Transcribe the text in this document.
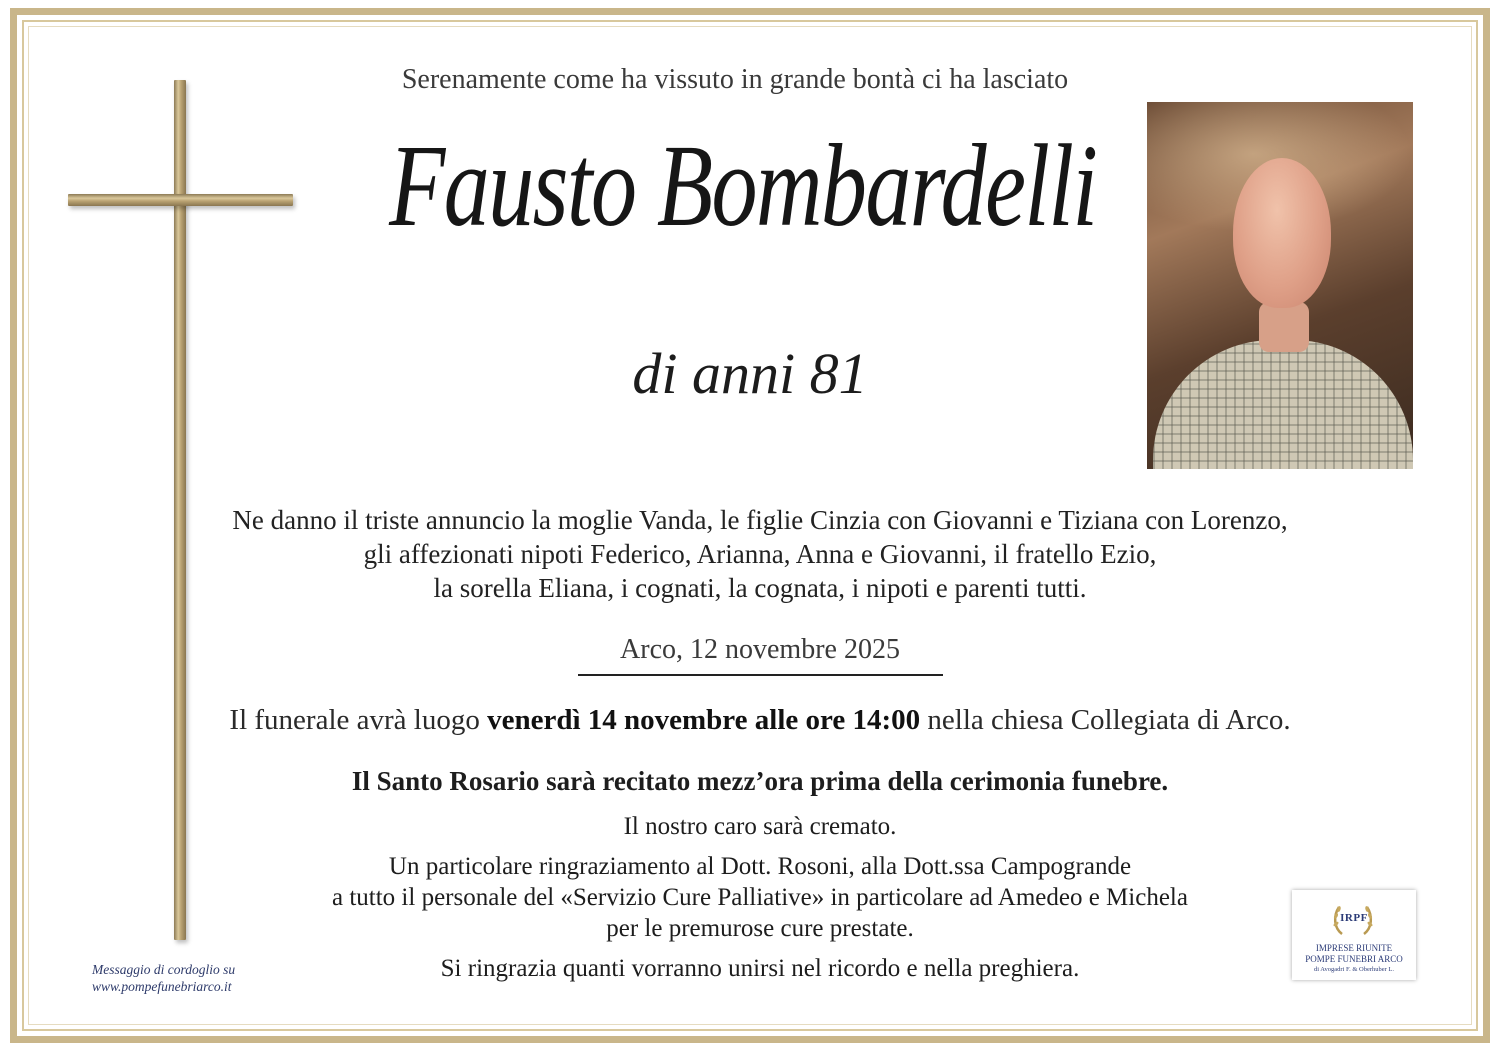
Serenamente come ha vissuto in grande bontà ci ha lasciato
Fausto Bombardelli
di anni 81
Ne danno il triste annuncio la moglie Vanda, le figlie Cinzia con Giovanni e Tiziana con Lorenzo,
gli affezionati nipoti Federico, Arianna, Anna e Giovanni, il fratello Ezio,
la sorella Eliana, i cognati, la cognata, i nipoti e parenti tutti.
Arco, 12 novembre 2025
Il funerale avrà luogo venerdì 14 novembre alle ore 14:00 nella chiesa Collegiata di Arco.
Il Santo Rosario sarà recitato mezz’ora prima della cerimonia funebre.
Il nostro caro sarà cremato.
Un particolare ringraziamento al Dott. Rosoni, alla Dott.ssa Campogrande
a tutto il personale del «Servizio Cure Palliative» in particolare ad Amedeo e Michela
per le premurose cure prestate.
Si ringrazia quanti vorranno unirsi nel ricordo e nella preghiera.
Messaggio di cordoglio su
www.pompefunebriarco.it
IRPF
IMPRESE RIUNITE
POMPE FUNEBRI ARCO
di Avogadri F. & Oberhuber L.
